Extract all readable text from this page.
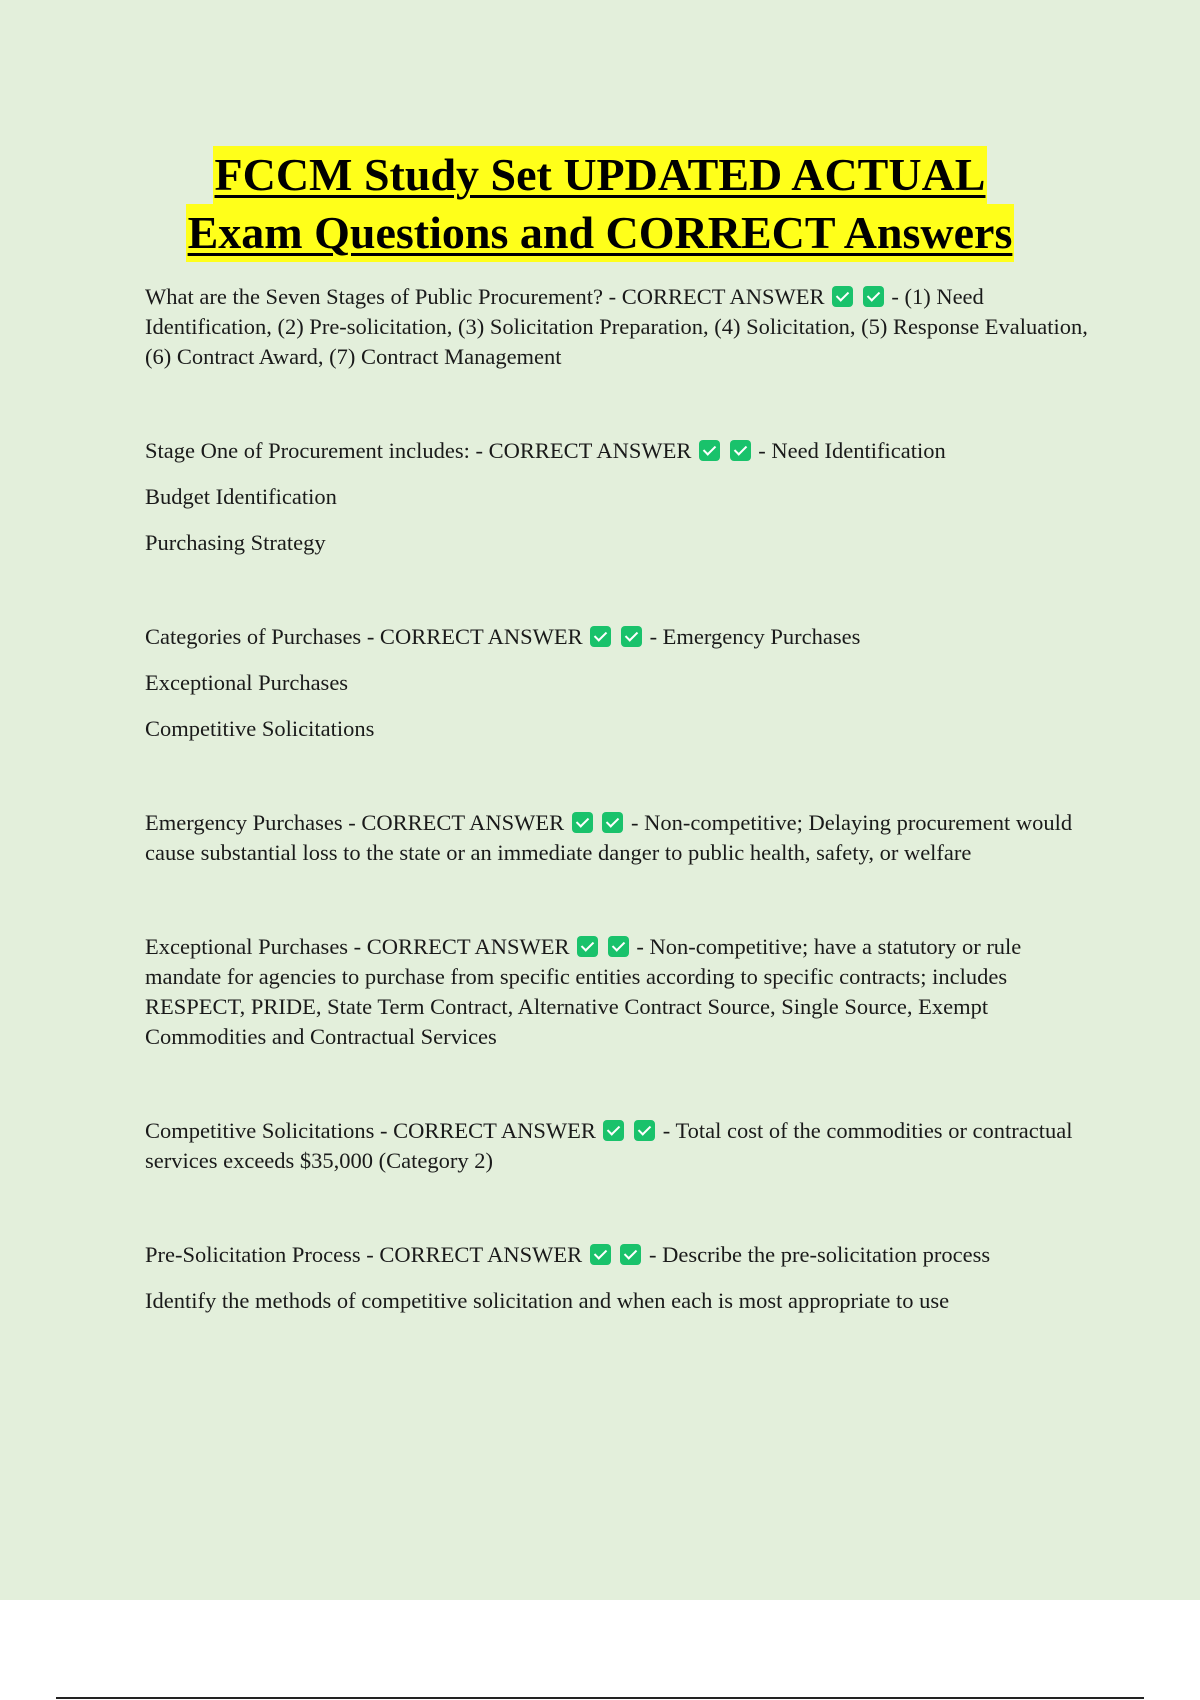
FCCM Study Set UPDATED ACTUAL
Exam Questions and CORRECT Answers

What are the Seven Stages of Public Procurement? - CORRECT ANSWER	- (1) Need Identification, (2) Pre-solicitation, (3) Solicitation Preparation, (4) Solicitation, (5) Response Evaluation, (6) Contract Award, (7) Contract Management

Stage One of Procurement includes: - CORRECT ANSWER	- Need Identification

Budget Identification

Purchasing Strategy

Categories of Purchases - CORRECT ANSWER	- Emergency Purchases

Exceptional Purchases

Competitive Solicitations

Emergency Purchases - CORRECT ANSWER	- Non-competitive; Delaying procurement would cause substantial loss to the state or an immediate danger to public health, safety, or welfare

Exceptional Purchases - CORRECT ANSWER	- Non-competitive; have a statutory or rule mandate for agencies to purchase from specific entities according to specific contracts; includes RESPECT, PRIDE, State Term Contract, Alternative Contract Source, Single Source, Exempt Commodities and Contractual Services

Competitive Solicitations - CORRECT ANSWER	- Total cost of the commodities or contractual services exceeds $35,000 (Category 2)

Pre-Solicitation Process - CORRECT ANSWER	- Describe the pre-solicitation process

Identify the methods of competitive solicitation and when each is most appropriate to use
